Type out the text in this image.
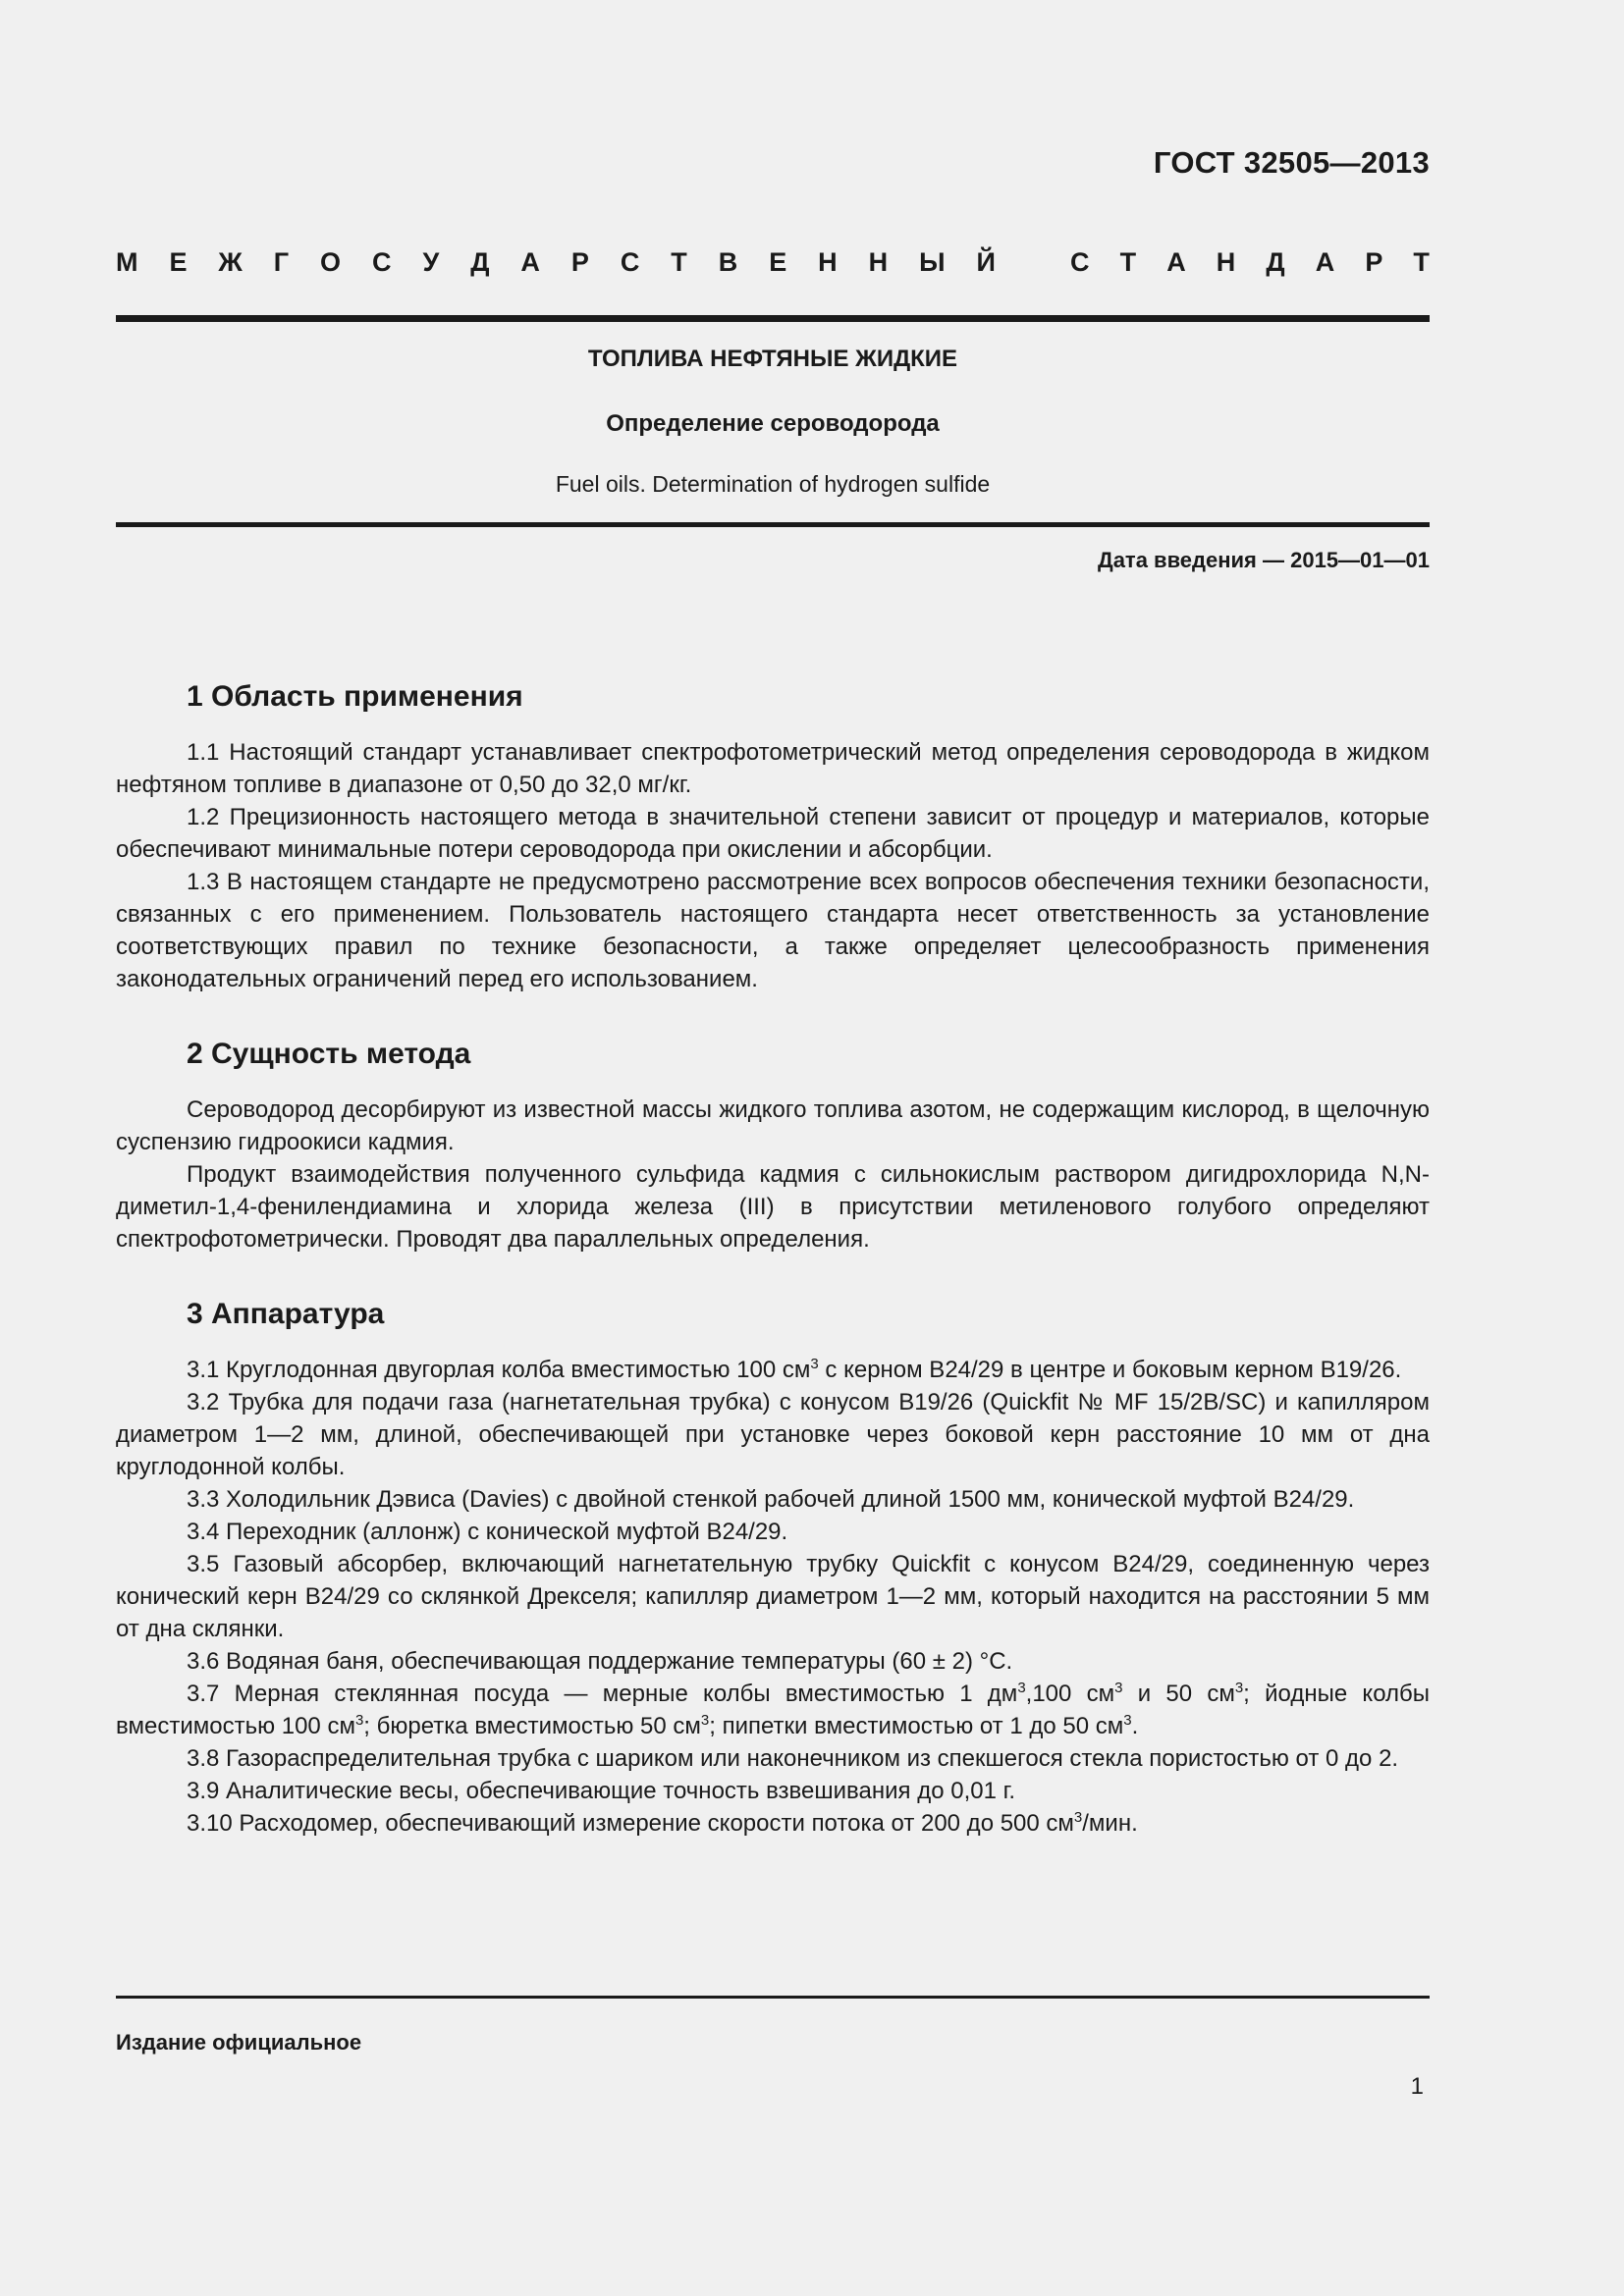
ГОСТ 32505—2013
М Е Ж Г О С У Д А Р С Т В Е Н Н Ы Й	С Т А Н Д А Р Т
ТОПЛИВА НЕФТЯНЫЕ ЖИДКИЕ
Определение сероводорода
Fuel oils. Determination of hydrogen sulfide
Дата введения — 2015—01—01
1 Область применения

1.1 Настоящий стандарт устанавливает спектрофотометрический метод определения сероводорода в жидком нефтяном топливе в диапазоне от 0,50 до 32,0 мг/кг.

1.2 Прецизионность настоящего метода в значительной степени зависит от процедур и материалов, которые обеспечивают минимальные потери сероводорода при окислении и абсорбции.

1.3 В настоящем стандарте не предусмотрено рассмотрение всех вопросов обеспечения техники безопасности, связанных с его применением. Пользователь настоящего стандарта несет ответственность за установление соответствующих правил по технике безопасности, а также определяет целесообразность применения законодательных ограничений перед его использованием.

2 Сущность метода

Сероводород десорбируют из известной массы жидкого топлива азотом, не содержащим кислород, в щелочную суспензию гидроокиси кадмия.

Продукт взаимодействия полученного сульфида кадмия с сильнокислым раствором дигидрохлорида N,N-диметил-1,4-фенилендиамина и хлорида железа (III) в присутствии метиленового голубого определяют спектрофотометрически. Проводят два параллельных определения.

3 Аппаратура

3.1 Круглодонная двугорлая колба вместимостью 100 $см^3$ с керном В24/29 в центре и боковым керном В19/26.

3.2 Трубка для подачи газа (нагнетательная трубка) с конусом В19/26 (Quickfit № MF 15/2B/SC) и капилляром диаметром 1—2 мм, длиной, обеспечивающей при установке через боковой керн расстояние 10 мм от дна круглодонной колбы.

3.3 Холодильник Дэвиса (Davies) с двойной стенкой рабочей длиной 1500 мм, конической муфтой В24/29.

3.4 Переходник (аллонж) с конической муфтой В24/29.

3.5 Газовый абсорбер, включающий нагнетательную трубку Quickfit с конусом В24/29, соединенную через конический керн В24/29 со склянкой Дрекселя; капилляр диаметром 1—2 мм, который находится на расстоянии 5 мм от дна склянки.

3.6 Водяная баня, обеспечивающая поддержание температуры (60 ± 2) °С.

3.7 Мерная стеклянная посуда — мерные колбы вместимостью 1 $дм^3,100$ $см^3$ и 50 $см^3$; йодные колбы вместимостью 100 $см^3$; бюретка вместимостью 50 $см^3$; пипетки вместимостью от 1 до 50 $см^3$.

3.8 Газораспределительная трубка с шариком или наконечником из спекшегося стекла пористостью от 0 до 2.

3.9 Аналитические весы, обеспечивающие точность взвешивания до 0,01 г.

3.10 Расходомер, обеспечивающий измерение скорости потока от 200 до 500 $см^3$/мин.

Издание официальное
1
